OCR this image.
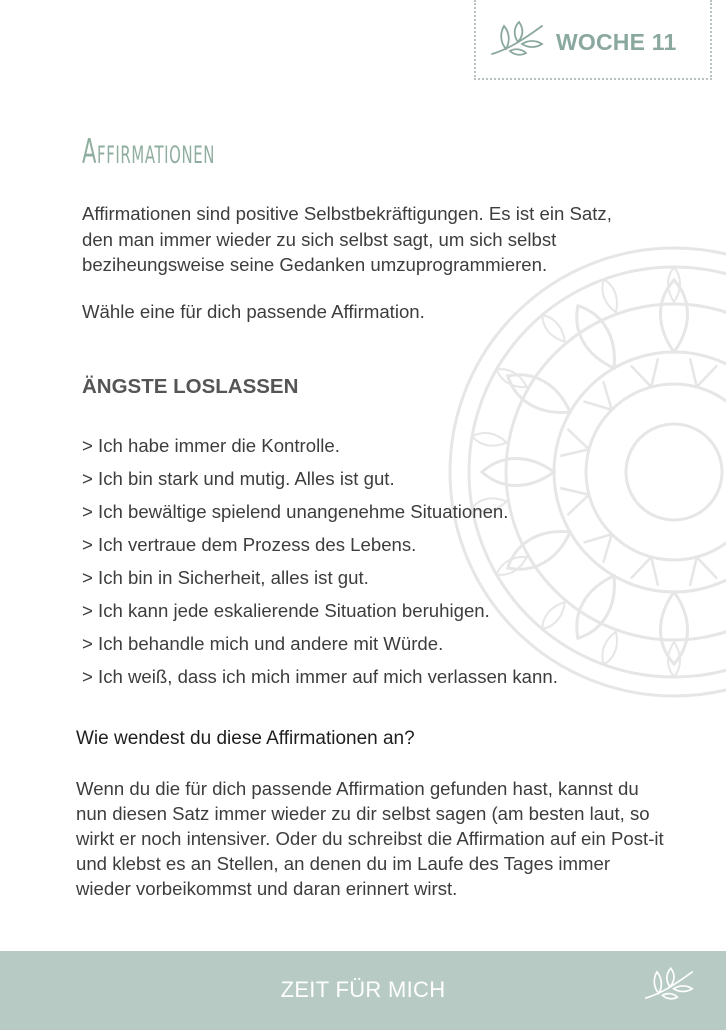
WOCHE 11
Affirmationen

Affirmationen sind positive Selbstbekräftigungen. Es ist ein Satz, den man immer wieder zu sich selbst sagt, um sich selbst beziheungsweise seine Gedanken umzuprogrammieren.

Wähle eine für dich passende Affirmation.

ÄNGSTE LOSLASSEN
> Ich habe immer die Kontrolle.
> Ich bin stark und mutig. Alles ist gut.
> Ich bewältige spielend unangenehme Situationen.
> Ich vertraue dem Prozess des Lebens.
> Ich bin in Sicherheit, alles ist gut.
> Ich kann jede eskalierende Situation beruhigen.
> Ich behandle mich und andere mit Würde.
> Ich weiß, dass ich mich immer auf mich verlassen kann.
Wie wendest du diese Affirmationen an?

Wenn du die für dich passende Affirmation gefunden hast, kannst du nun diesen Satz immer wieder zu dir selbst sagen (am besten laut, so wirkt er noch intensiver. Oder du schreibst die Affirmation auf ein Post-it und klebst es an Stellen, an denen du im Laufe des Tages immer wieder vorbeikommst und daran erinnert wirst.

ZEIT FÜR MICH
